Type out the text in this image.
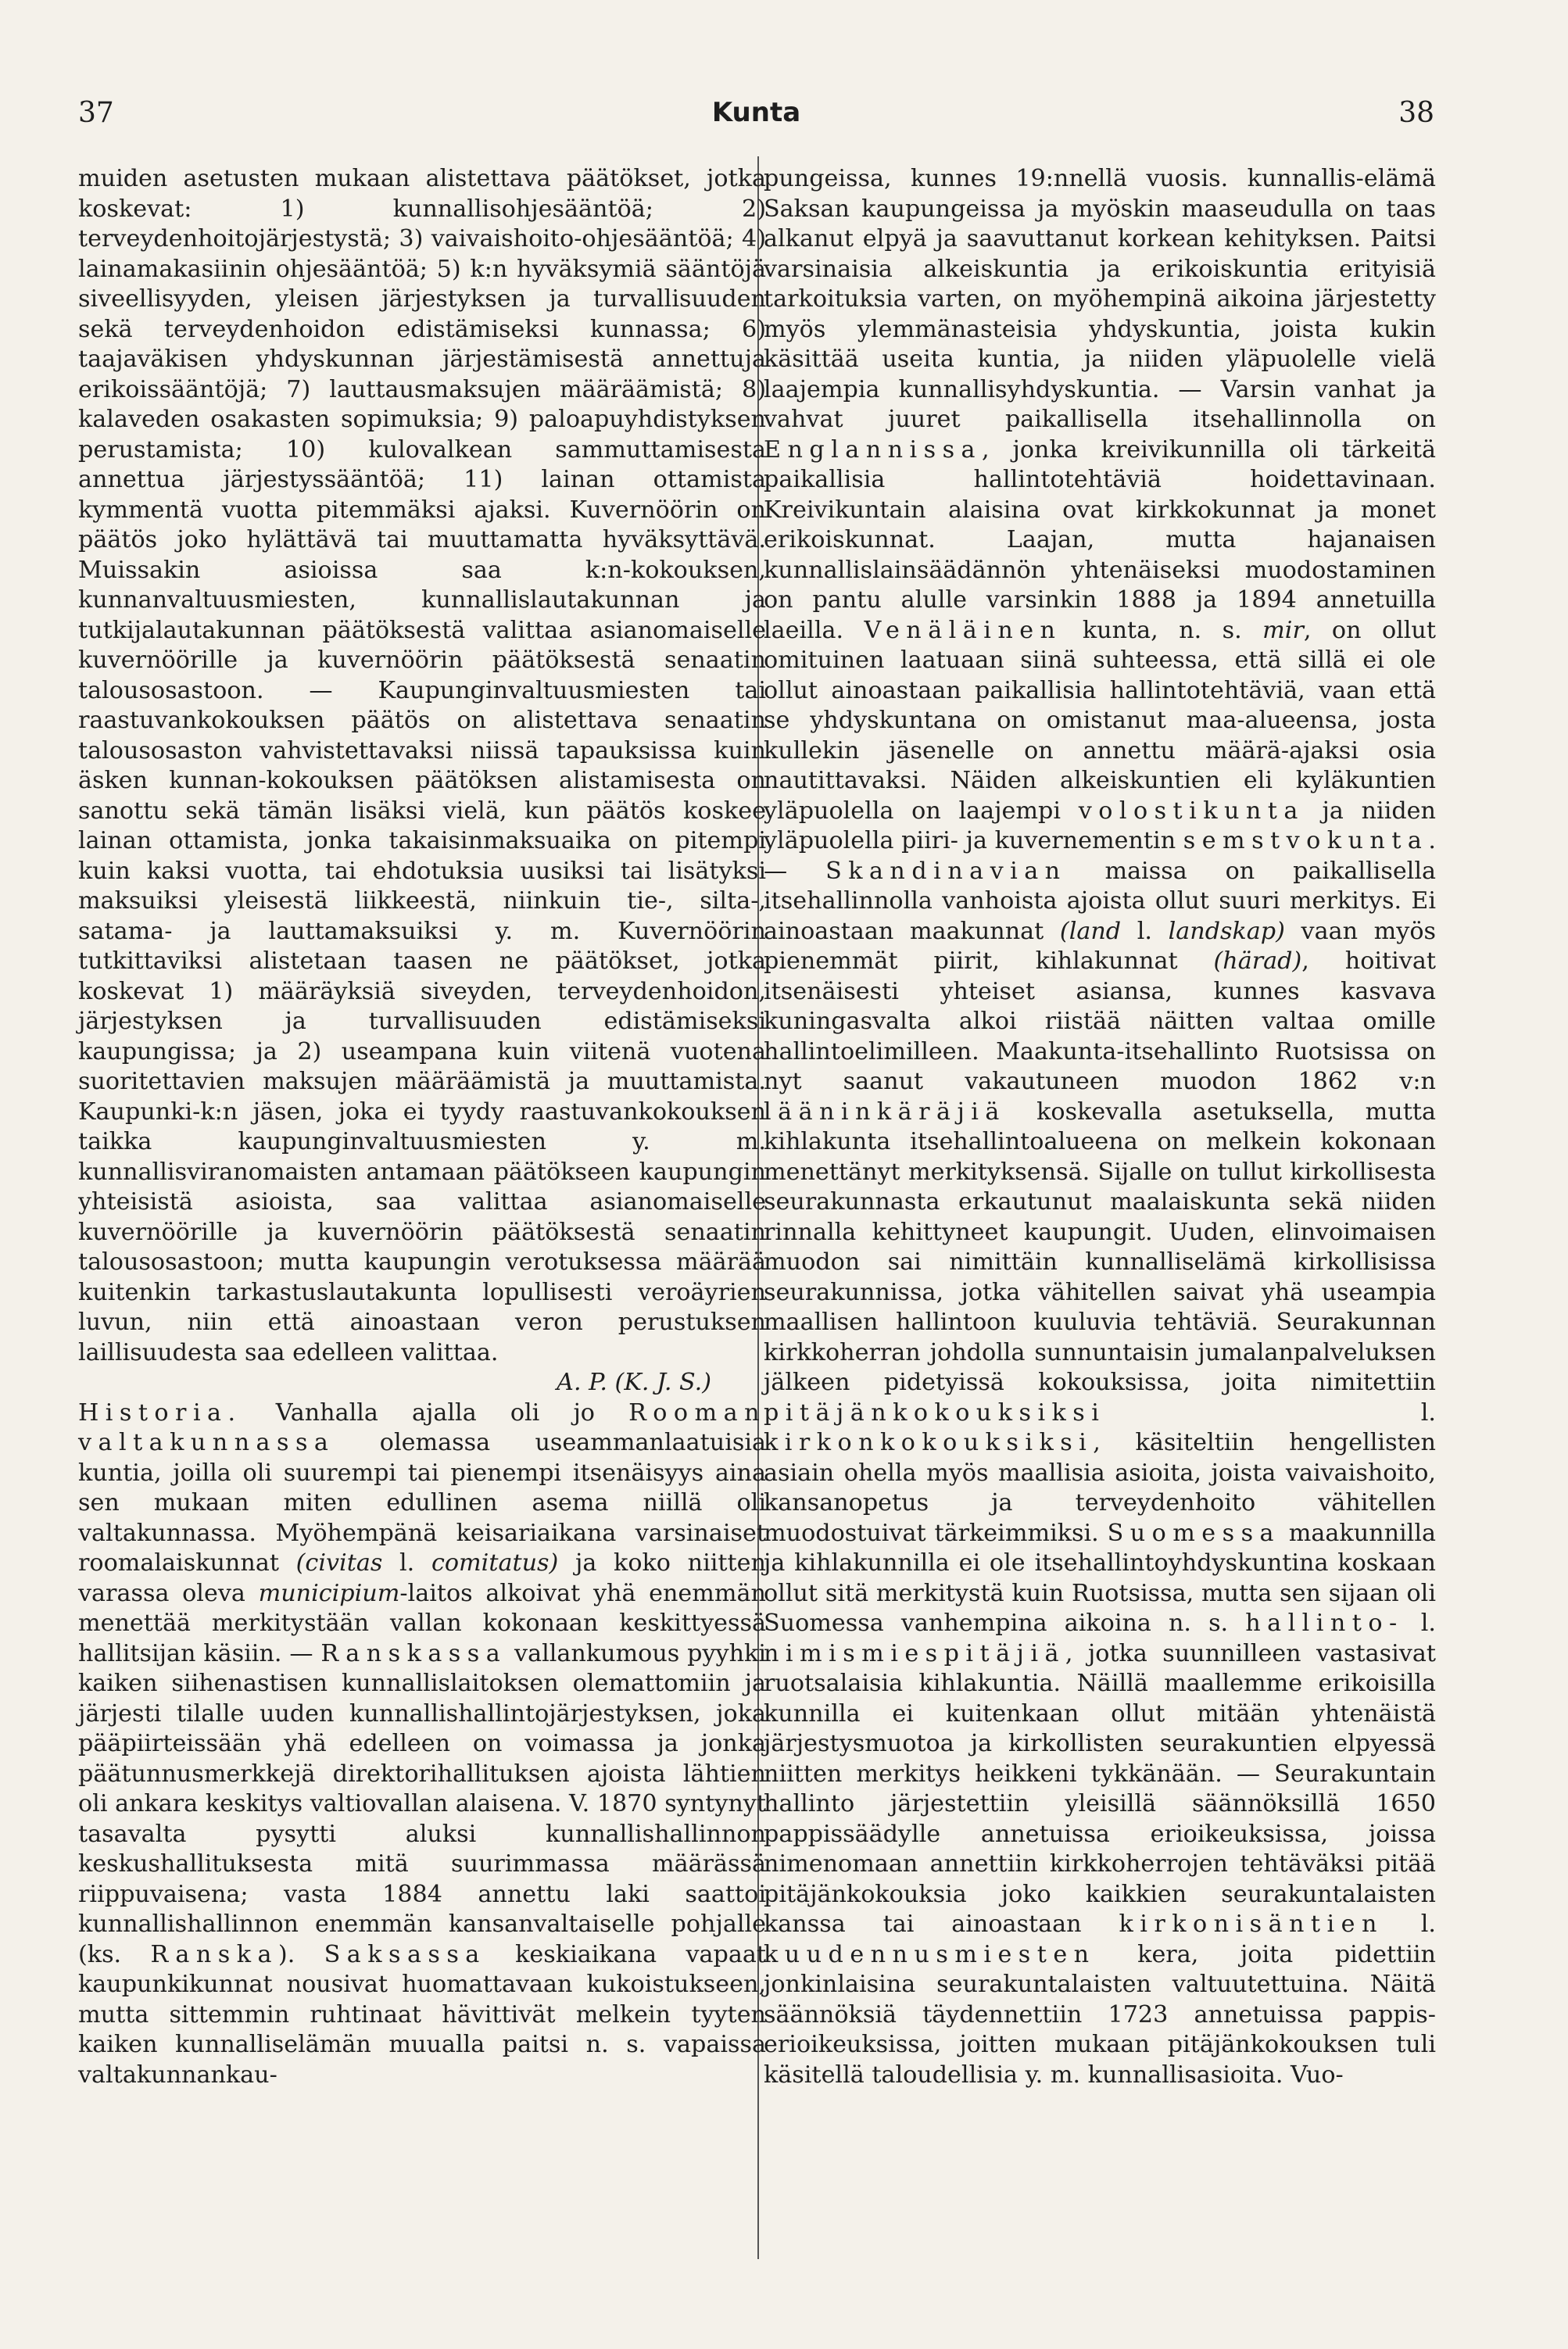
37	Kunta	38

muiden asetusten mukaan alistettava päätökset, jotka koskevat: 1) kunnallisohjesääntöä; 2) terveydenhoitojärjestystä; 3) vaivaishoito-ohjesääntöä; 4) lainamakasiinin ohjesääntöä; 5) k:n hyväksymiä sääntöjä siveellisyyden, yleisen järjestyksen ja turvallisuuden sekä terveydenhoidon edistämiseksi kunnassa; 6) taajaväkisen yhdyskunnan järjestämisestä annettuja erikoissääntöjä; 7) lauttausmaksujen määräämistä; 8) kalaveden osakasten sopimuksia; 9) paloapuyhdistyksen perustamista; 10) kulovalkean sammuttamisesta annettua järjestyssääntöä; 11) lainan ottamista kymmentä vuotta pitemmäksi ajaksi. Kuvernöörin on päätös joko hylättävä tai muuttamatta hyväksyttävä. Muissakin asioissa saa k:n-kokouksen, kunnanvaltuusmiesten, kunnallislautakunnan ja tutkijalautakunnan päätöksestä valittaa asianomaiselle kuvernöörille ja kuvernöörin päätöksestä senaatin talousosastoon. — Kaupunginvaltuusmiesten tai raastuvankokouksen päätös on alistettava senaatin talousosaston vahvistettavaksi niissä tapauksissa kuin äsken kunnan-kokouksen päätöksen alistamisesta on sanottu sekä tämän lisäksi vielä, kun päätös koskee lainan ottamista, jonka takaisinmaksuaika on pitempi kuin kaksi vuotta, tai ehdotuksia uusiksi tai lisätyksi maksuiksi yleisestä liikkeestä, niinkuin tie-, silta-, satama- ja lauttamaksuiksi y. m. Kuvernöörin tutkittaviksi alistetaan taasen ne päätökset, jotka koskevat 1) määräyksiä siveyden, terveydenhoidon, järjestyksen ja turvallisuuden edistämiseksi kaupungissa; ja 2) useampana kuin viitenä vuotena suoritettavien maksujen määräämistä ja muuttamista. Kaupunki-k:n jäsen, joka ei tyydy raastuvankokouksen taikka kaupunginvaltuusmiesten y. m. kunnallisviranomaisten antamaan päätökseen kaupungin yhteisistä asioista, saa valittaa asianomaiselle kuvernöörille ja kuvernöörin päätöksestä senaatin talousosastoon; mutta kaupungin verotuksessa määrää kuitenkin tarkastuslautakunta lopullisesti veroäyrien luvun, niin että ainoastaan veron perustuksen laillisuudesta saa edelleen valittaa.

A. P. (K. J. S.)

Historia. Vanhalla ajalla oli jo Rooman valtakunnassa olemassa useammanlaatuisia kuntia, joilla oli suurempi tai pienempi itsenäisyys aina sen mukaan miten edullinen asema niillä oli valtakunnassa. Myöhempänä keisariaikana varsinaiset roomalaiskunnat (civitas l. comitatus) ja koko niitten varassa oleva municipium-laitos alkoivat yhä enemmän menettää merkitystään vallan kokonaan keskittyessä hallitsijan käsiin. — Ranskassa vallankumous pyyhki kaiken siihenastisen kunnallislaitoksen olemattomiin ja järjesti tilalle uuden kunnallishallintojärjestyksen, joka pääpiirteissään yhä edelleen on voimassa ja jonka päätunnusmerkkejä direktorihallituksen ajoista lähtien oli ankara keskitys valtiovallan alaisena. V. 1870 syntynyt tasavalta pysytti aluksi kunnallishallinnon keskushallituksesta mitä suurimmassa määrässä riippuvaisena; vasta 1884 annettu laki saattoi kunnallishallinnon enemmän kansanvaltaiselle pohjalle (ks. Ranska). Saksassa keskiaikana vapaat kaupunkikunnat nousivat huomattavaan kukoistukseen, mutta sittemmin ruhtinaat hävittivät melkein tyyten kaiken kunnalliselämän muualla paitsi n. s. vapaissa valtakunnankau-

pungeissa, kunnes 19:nnellä vuosis. kunnallis-elämä Saksan kaupungeissa ja myöskin maaseudulla on taas alkanut elpyä ja saavuttanut korkean kehityksen. Paitsi varsinaisia alkeiskuntia ja erikoiskuntia erityisiä tarkoituksia varten, on myöhempinä aikoina järjestetty myös ylemmänasteisia yhdyskuntia, joista kukin käsittää useita kuntia, ja niiden yläpuolelle vielä laajempia kunnallisyhdyskuntia. — Varsin vanhat ja vahvat juuret paikallisella itsehallinnolla on Englannissa, jonka kreivikunnilla oli tärkeitä paikallisia hallintotehtäviä hoidettavinaan. Kreivikuntain alaisina ovat kirkkokunnat ja monet erikoiskunnat. Laajan, mutta hajanaisen kunnallislainsäädännön yhtenäiseksi muodostaminen on pantu alulle varsinkin 1888 ja 1894 annetuilla laeilla. Venäläinen kunta, n. s. mir, on ollut omituinen laatuaan siinä suhteessa, että sillä ei ole ollut ainoastaan paikallisia hallintotehtäviä, vaan että se yhdyskuntana on omistanut maa-alueensa, josta kullekin jäsenelle on annettu määrä-ajaksi osia nautittavaksi. Näiden alkeiskuntien eli kyläkuntien yläpuolella on laajempi volostikunta ja niiden yläpuolella piiri- ja kuvernementin semstvokunta. — Skandinavian maissa on paikallisella itsehallinnolla vanhoista ajoista ollut suuri merkitys. Ei ainoastaan maakunnat (land l. landskap) vaan myös pienemmät piirit, kihlakunnat (härad), hoitivat itsenäisesti yhteiset asiansa, kunnes kasvava kuningasvalta alkoi riistää näitten valtaa omille hallintoelimilleen. Maakunta-itsehallinto Ruotsissa on nyt saanut vakautuneen muodon 1862 v:n lääninkäräjiä koskevalla asetuksella, mutta kihlakunta itsehallintoalueena on melkein kokonaan menettänyt merkityksensä. Sijalle on tullut kirkollisesta seurakunnasta erkautunut maalaiskunta sekä niiden rinnalla kehittyneet kaupungit. Uuden, elinvoimaisen muodon sai nimittäin kunnalliselämä kirkollisissa seurakunnissa, jotka vähitellen saivat yhä useampia maallisen hallintoon kuuluvia tehtäviä. Seurakunnan kirkkoherran johdolla sunnuntaisin jumalanpalveluksen jälkeen pidetyissä kokouksissa, joita nimitettiin pitäjänkokouksiksi l. kirkonkokouksiksi, käsiteltiin hengellisten asiain ohella myös maallisia asioita, joista vaivaishoito, kansanopetus ja terveydenhoito vähitellen muodostuivat tärkeimmiksi. Suomessa maakunnilla ja kihlakunnilla ei ole itsehallintoyhdyskuntina koskaan ollut sitä merkitystä kuin Ruotsissa, mutta sen sijaan oli Suomessa vanhempina aikoina n. s. hallinto- l. nimismiespitäjiä, jotka suunnilleen vastasivat ruotsalaisia kihlakuntia. Näillä maallemme erikoisilla kunnilla ei kuitenkaan ollut mitään yhtenäistä järjestysmuotoa ja kirkollisten seurakuntien elpyessä niitten merkitys heikkeni tykkänään. — Seurakuntain hallinto järjestettiin yleisillä säännöksillä 1650 pappissäädylle annetuissa erioikeuksissa, joissa nimenomaan annettiin kirkkoherrojen tehtäväksi pitää pitäjänkokouksia joko kaikkien seurakuntalaisten kanssa tai ainoastaan kirkonisäntien l. kuudennusmiesten kera, joita pidettiin jonkinlaisina seurakuntalaisten valtuutettuina. Näitä säännöksiä täydennettiin 1723 annetuissa pappis-erioikeuksissa, joitten mukaan pitäjänkokouksen tuli käsitellä taloudellisia y. m. kunnallisasioita. Vuo-
